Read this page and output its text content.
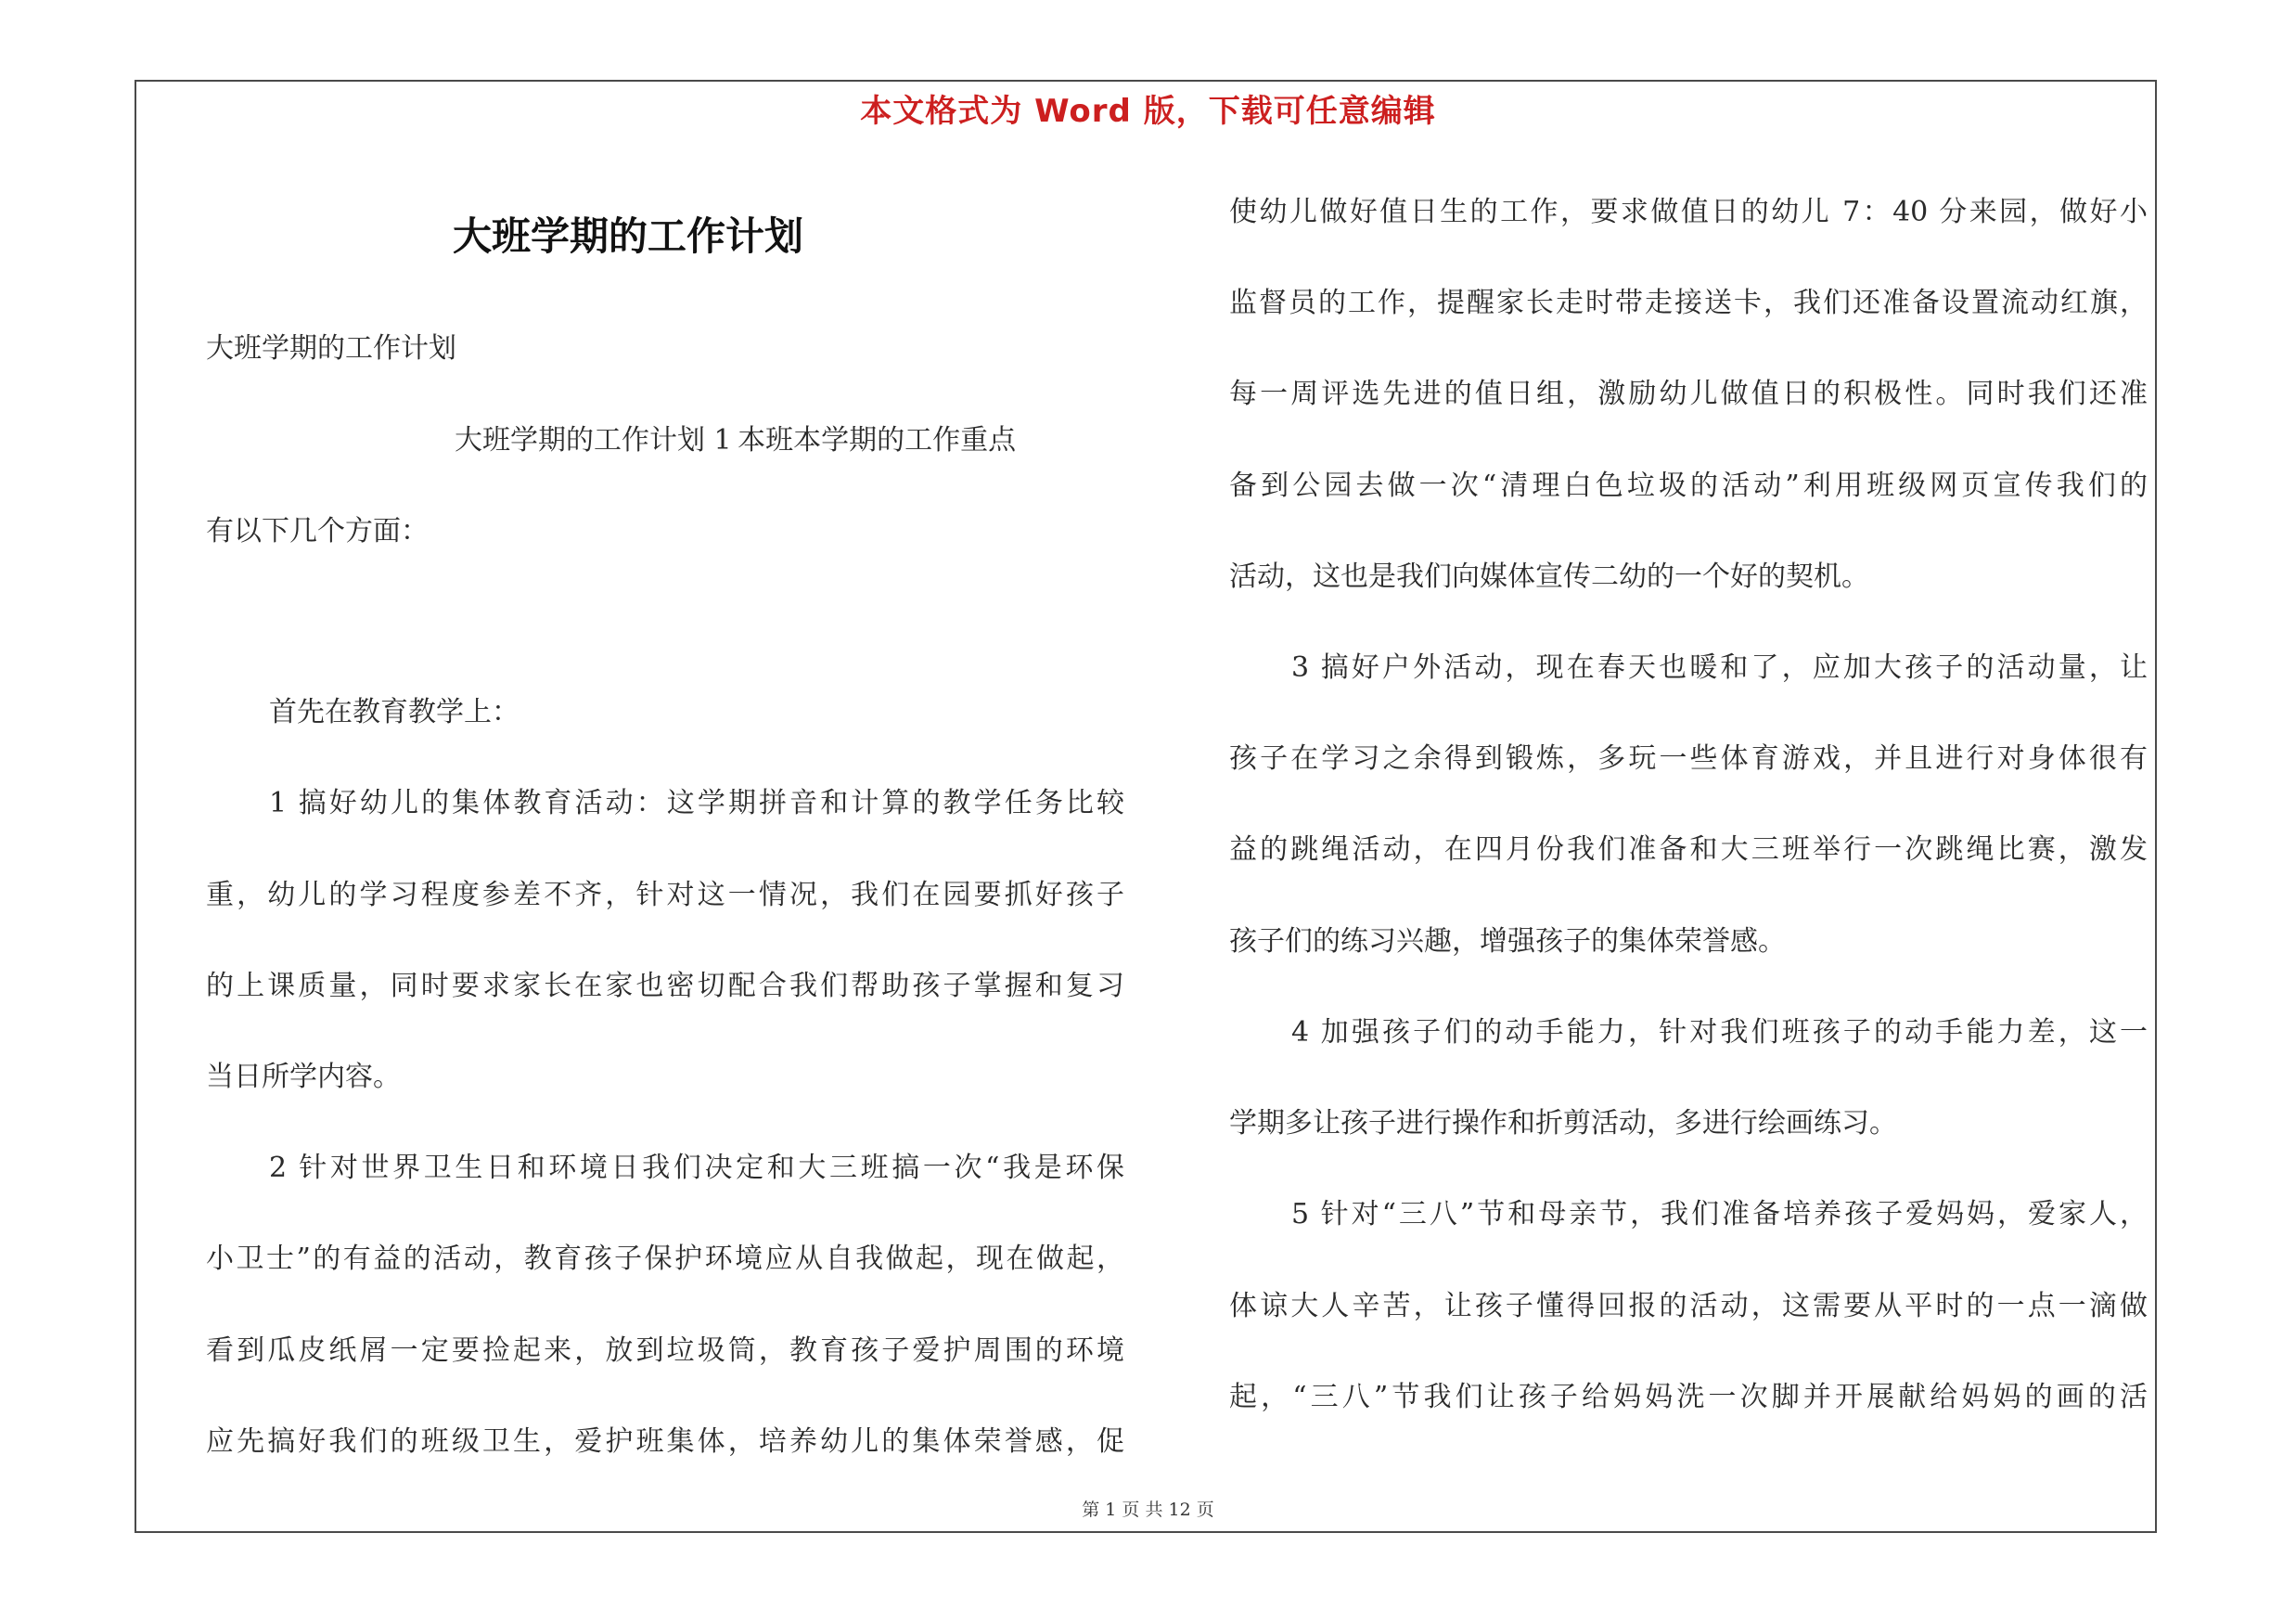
本文格式为 Word 版，下载可任意编辑
大班学期的工作计划
大班学期的工作计划
大班学期的工作计划 1	本班本学期的工作重点
有以下几个方面：
首先在教育教学上：
1 搞好幼儿的集体教育活动：这学期拼音和计算的教学任务比较
重，幼儿的学习程度参差不齐，针对这一情况，我们在园要抓好孩子
的上课质量，同时要求家长在家也密切配合我们帮助孩子掌握和复习
当日所学内容。
2 针对世界卫生日和环境日我们决定和大三班搞一次“我是环保
小卫士”的有益的活动，教育孩子保护环境应从自我做起，现在做起，
看到瓜皮纸屑一定要捡起来，放到垃圾筒，教育孩子爱护周围的环境
应先搞好我们的班级卫生，爱护班集体，培养幼儿的集体荣誉感，促
使幼儿做好值日生的工作，要求做值日的幼儿 7：40 分来园，做好小
监督员的工作，提醒家长走时带走接送卡，我们还准备设置流动红旗，
每一周评选先进的值日组，激励幼儿做值日的积极性。同时我们还准
备到公园去做一次“清理白色垃圾的活动”利用班级网页宣传我们的
活动，这也是我们向媒体宣传二幼的一个好的契机。
3 搞好户外活动，现在春天也暖和了，应加大孩子的活动量，让
孩子在学习之余得到锻炼，多玩一些体育游戏，并且进行对身体很有
益的跳绳活动，在四月份我们准备和大三班举行一次跳绳比赛，激发
孩子们的练习兴趣，增强孩子的集体荣誉感。
4 加强孩子们的动手能力，针对我们班孩子的动手能力差，这一
学期多让孩子进行操作和折剪活动，多进行绘画练习。
5 针对“三八”节和母亲节，我们准备培养孩子爱妈妈，爱家人，
体谅大人辛苦，让孩子懂得回报的活动，这需要从平时的一点一滴做
起，“三八”节我们让孩子给妈妈洗一次脚并开展献给妈妈的画的活
第 1 页 共 12 页
